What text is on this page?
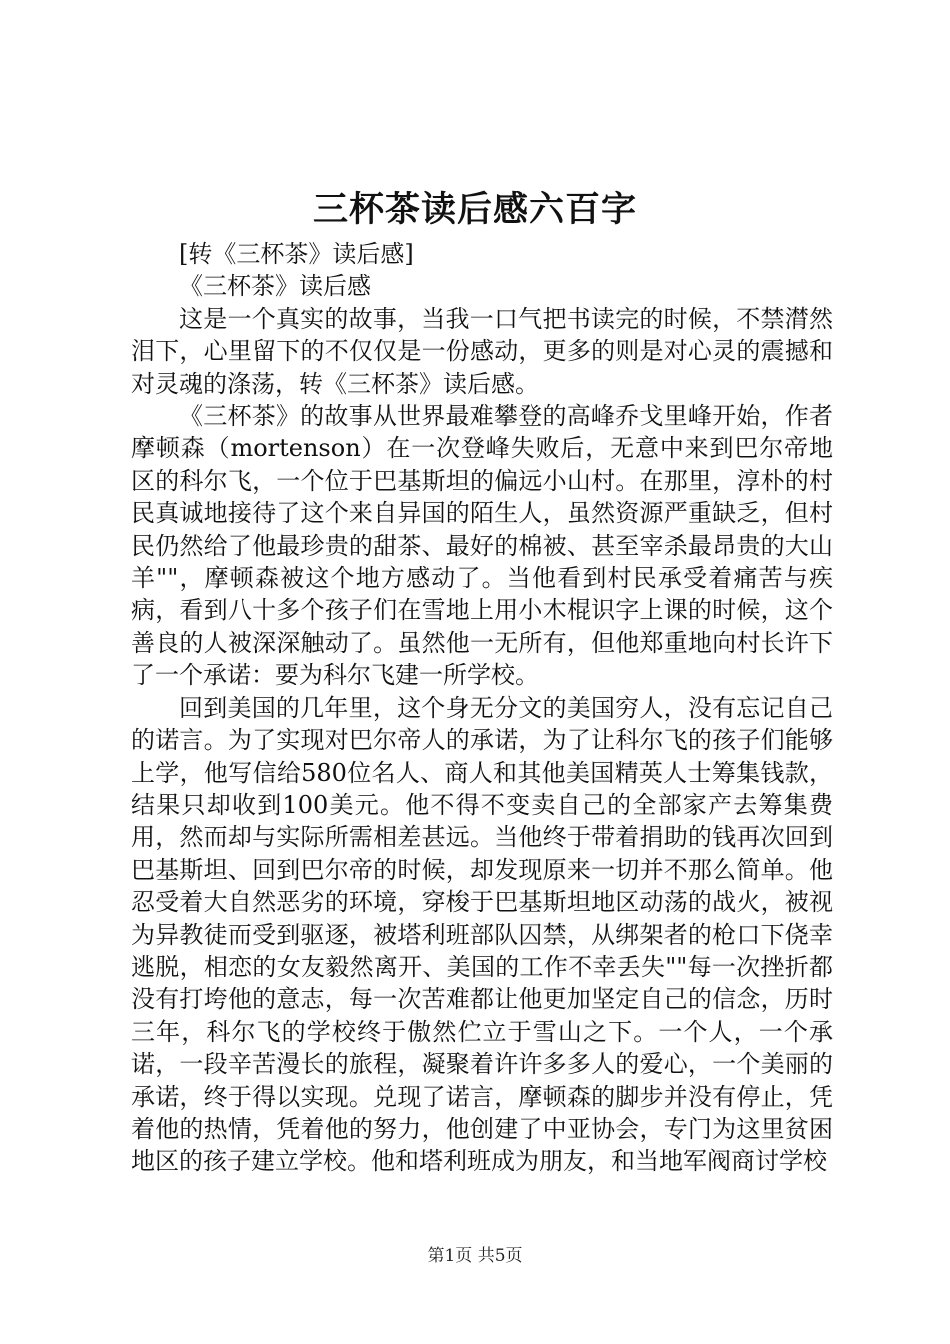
三杯茶读后感六百字

[转《三杯茶》读后感]

《三杯茶》读后感

这是一个真实的故事，当我一口气把书读完的时候，不禁潸然泪下，心里留下的不仅仅是一份感动，更多的则是对心灵的震撼和对灵魂的涤荡，转《三杯茶》读后感。

《三杯茶》的故事从世界最难攀登的高峰乔戈里峰开始，作者摩顿森（mortenson）在一次登峰失败后，无意中来到巴尔帝地区的科尔飞，一个位于巴基斯坦的偏远小山村。在那里，淳朴的村民真诚地接待了这个来自异国的陌生人，虽然资源严重缺乏，但村民仍然给了他最珍贵的甜茶、最好的棉被、甚至宰杀最昂贵的大山羊""，摩顿森被这个地方感动了。当他看到村民承受着痛苦与疾病，看到八十多个孩子们在雪地上用小木棍识字上课的时候，这个善良的人被深深触动了。虽然他一无所有，但他郑重地向村长许下了一个承诺：要为科尔飞建一所学校。

回到美国的几年里，这个身无分文的美国穷人，没有忘记自己的诺言。为了实现对巴尔帝人的承诺，为了让科尔飞的孩子们能够上学，他写信给580位名人、商人和其他美国精英人士筹集钱款，结果只却收到100美元。他不得不变卖自己的全部家产去筹集费用，然而却与实际所需相差甚远。当他终于带着捐助的钱再次回到巴基斯坦、回到巴尔帝的时候，却发现原来一切并不那么简单。他忍受着大自然恶劣的环境，穿梭于巴基斯坦地区动荡的战火，被视为异教徒而受到驱逐，被塔利班部队囚禁，从绑架者的枪口下侥幸逃脱，相恋的女友毅然离开、美国的工作不幸丢失""每一次挫折都没有打垮他的意志，每一次苦难都让他更加坚定自己的信念，历时三年，科尔飞的学校终于傲然伫立于雪山之下。一个人，一个承诺，一段辛苦漫长的旅程，凝聚着许许多多人的爱心，一个美丽的承诺，终于得以实现。兑现了诺言，摩顿森的脚步并没有停止，凭着他的热情，凭着他的努力，他创建了中亚协会，专门为这里贫困地区的孩子建立学校。他和塔利班成为朋友，和当地军阀商讨学校

第1页 共5页
